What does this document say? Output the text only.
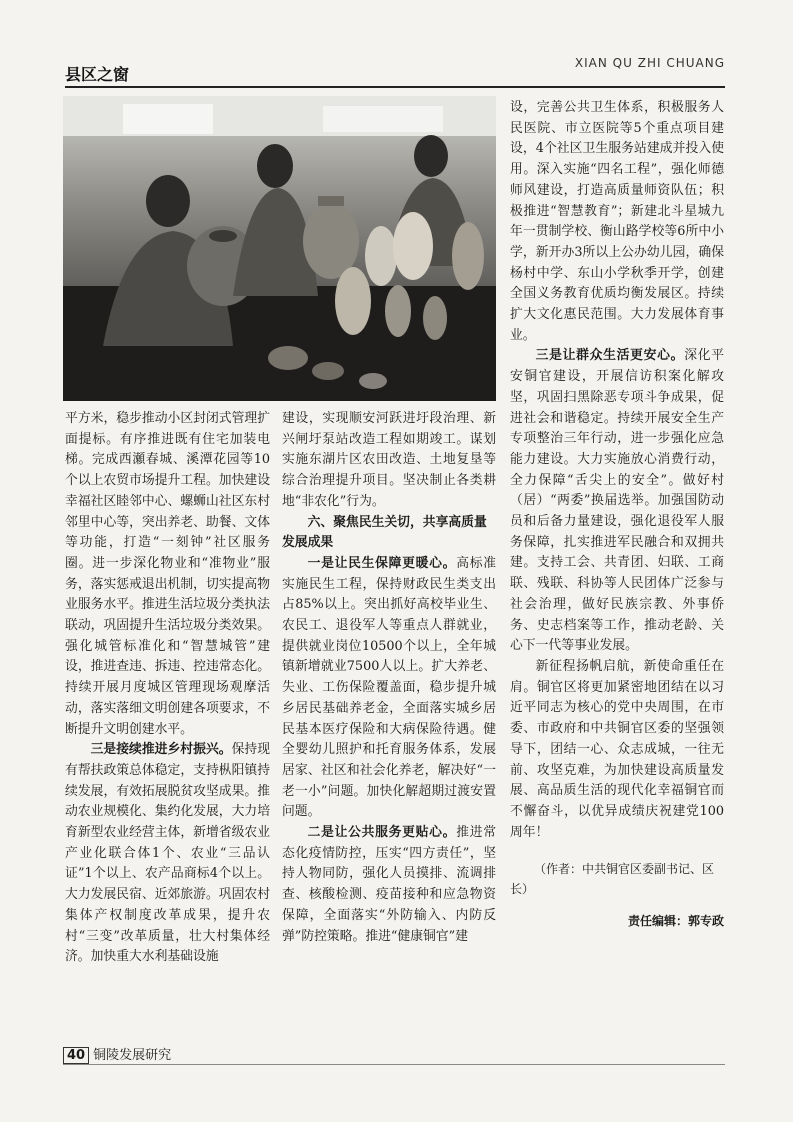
县区之窗
XIAN QU ZHI CHUANG

平方米，稳步推动小区封闭式管理扩面提标。有序推进既有住宅加装电梯。完成西瀬春城、溪潭花园等10个以上农贸市场提升工程。加快建设幸福社区睦邻中心、螺蛳山社区东村邻里中心等，突出养老、助餐、文体等功能，打造“一刻钟”社区服务圈。进一步深化物业和“准物业”服务，落实惩戒退出机制，切实提高物业服务水平。推进生活垃圾分类执法联动，巩固提升生活垃圾分类效果。强化城管标准化和“智慧城管”建设，推进查违、拆违、控违常态化。持续开展月度城区管理现场观摩活动，落实落细文明创建各项要求，不断提升文明创建水平。

三是接续推进乡村振兴。保持现有帮扶政策总体稳定，支持枞阳镇持续发展，有效拓展脱贫攻坚成果。推动农业规模化、集约化发展，大力培育新型农业经营主体，新增省级农业产业化联合体1个、农业“三品认证”1个以上、农产品商标4个以上。大力发展民宿、近郊旅游。巩固农村集体产权制度改革成果，提升农村“三变”改革质量，壮大村集体经济。加快重大水利基础设施

建设，实现顺安河跃进圩段治理、新兴闸圩泵站改造工程如期竣工。谋划实施东湖片区农田改造、土地复垦等综合治理提升项目。坚决制止各类耕地“非农化”行为。

六、聚焦民生关切，共享高质量发展成果

一是让民生保障更暖心。高标准实施民生工程，保持财政民生类支出占85%以上。突出抓好高校毕业生、农民工、退役军人等重点人群就业，提供就业岗位10500个以上，全年城镇新增就业7500人以上。扩大养老、失业、工伤保险覆盖面，稳步提升城乡居民基础养老金，全面落实城乡居民基本医疗保险和大病保险待遇。健全婴幼儿照护和托育服务体系，发展居家、社区和社会化养老，解决好“一老一小”问题。加快化解超期过渡安置问题。

二是让公共服务更贴心。推进常态化疫情防控，压实“四方责任”，坚持人物同防，强化人员摸排、流调排查、核酸检测、疫苗接种和应急物资保障，全面落实“外防输入、内防反弹”防控策略。推进“健康铜官”建

设，完善公共卫生体系，积极服务人民医院、市立医院等5个重点项目建设，4个社区卫生服务站建成并投入使用。深入实施“四名工程”，强化师德师风建设，打造高质量师资队伍；积极推进“智慧教育”；新建北斗星城九年一贯制学校、衡山路学校等6所中小学，新开办3所以上公办幼儿园，确保杨村中学、东山小学秋季开学，创建全国义务教育优质均衡发展区。持续扩大文化惠民范围。大力发展体育事业。

三是让群众生活更安心。深化平安铜官建设，开展信访积案化解攻坚，巩固扫黑除恶专项斗争成果，促进社会和谐稳定。持续开展安全生产专项整治三年行动，进一步强化应急能力建设。大力实施放心消费行动，全力保障“舌尖上的安全”。做好村（居）“两委”换届选举。加强国防动员和后备力量建设，强化退役军人服务保障，扎实推进军民融合和双拥共建。支持工会、共青团、妇联、工商联、残联、科协等人民团体广泛参与社会治理，做好民族宗教、外事侨务、史志档案等工作，推动老龄、关心下一代等事业发展。

新征程扬帆启航，新使命重任在肩。铜官区将更加紧密地团结在以习近平同志为核心的党中央周围，在市委、市政府和中共铜官区委的坚强领导下，团结一心、众志成城，一往无前、攻坚克难，为加快建设高质量发展、高品质生活的现代化幸福铜官而不懈奋斗，以优异成绩庆祝建党100周年！

（作者：中共铜官区委副书记、区长）

责任编辑：郭专政

40 铜陵发展研究
